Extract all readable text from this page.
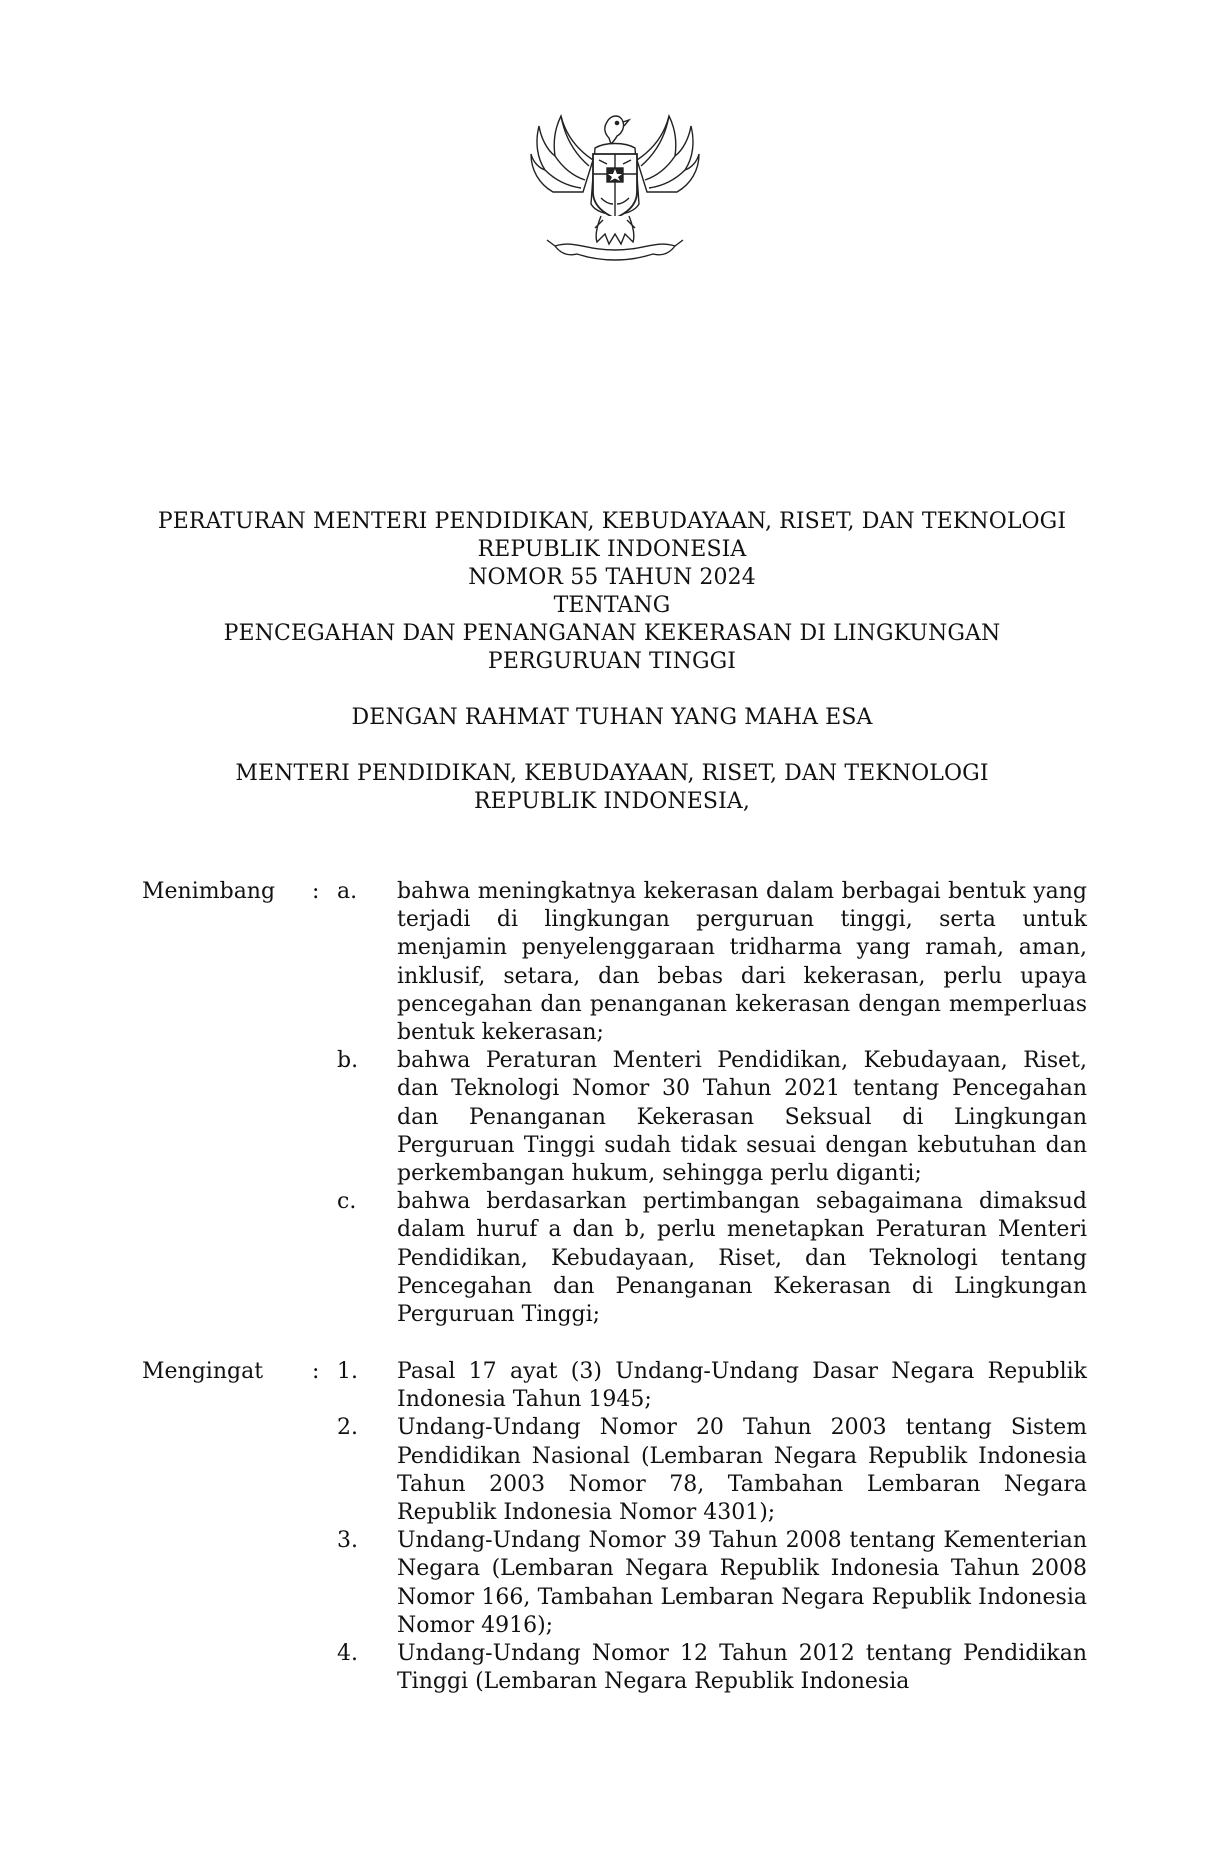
PERATURAN MENTERI PENDIDIKAN, KEBUDAYAAN, RISET, DAN TEKNOLOGI
REPUBLIK INDONESIA
NOMOR 55 TAHUN 2024
TENTANG
PENCEGAHAN DAN PENANGANAN KEKERASAN DI LINGKUNGAN
PERGURUAN TINGGI
DENGAN RAHMAT TUHAN YANG MAHA ESA
MENTERI PENDIDIKAN, KEBUDAYAAN, RISET, DAN TEKNOLOGI
REPUBLIK INDONESIA,
Menimbang : a.	bahwa meningkatnya kekerasan dalam berbagai bentuk yang terjadi di lingkungan perguruan tinggi, serta untuk menjamin penyelenggaraan tridharma yang ramah, aman, inklusif, setara, dan bebas dari kekerasan, perlu upaya pencegahan dan penanganan kekerasan dengan memperluas bentuk kekerasan;
b.	bahwa Peraturan Menteri Pendidikan, Kebudayaan, Riset, dan Teknologi Nomor 30 Tahun 2021 tentang Pencegahan dan Penanganan Kekerasan Seksual di Lingkungan Perguruan Tinggi sudah tidak sesuai dengan kebutuhan dan perkembangan hukum, sehingga perlu diganti;
c.	bahwa berdasarkan pertimbangan sebagaimana dimaksud dalam huruf a dan b, perlu menetapkan Peraturan Menteri Pendidikan, Kebudayaan, Riset, dan Teknologi tentang Pencegahan dan Penanganan Kekerasan di Lingkungan Perguruan Tinggi;
Mengingat : 1.	Pasal 17 ayat (3) Undang-Undang Dasar Negara Republik Indonesia Tahun 1945;
2.	Undang-Undang Nomor 20 Tahun 2003 tentang Sistem Pendidikan Nasional (Lembaran Negara Republik Indonesia Tahun 2003 Nomor 78, Tambahan Lembaran Negara Republik Indonesia Nomor 4301);
3.	Undang-Undang Nomor 39 Tahun 2008 tentang Kementerian Negara (Lembaran Negara Republik Indonesia Tahun 2008 Nomor 166, Tambahan Lembaran Negara Republik Indonesia Nomor 4916);
4.	Undang-Undang Nomor 12 Tahun 2012 tentang Pendidikan Tinggi (Lembaran Negara Republik Indonesia
